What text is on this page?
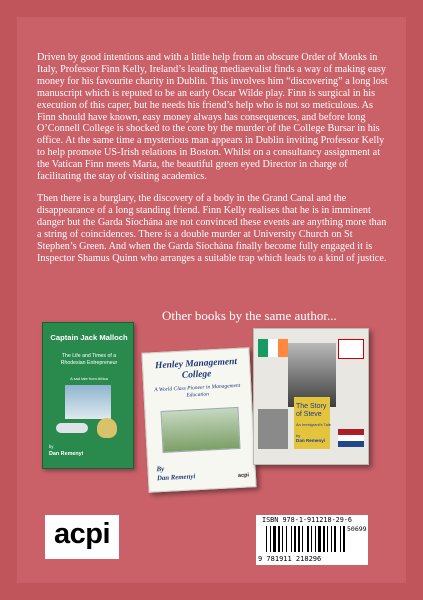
Driven by good intentions and with a little help from an obscure Order of Monks in Italy, Professor Finn Kelly, Ireland’s leading mediaevalist finds a way of making easy money for his favourite charity in Dublin. This involves him “discovering” a long lost manuscript which is reputed to be an early Oscar Wilde play. Finn is surgical in his execution of this caper, but he needs his friend’s help who is not so meticulous. As Finn should have known, easy money always has consequences, and before long O’Connell College is shocked to the core by the murder of the College Bursar in his office. At the same time a mysterious man appears in Dublin inviting Professor Kelly to help promote US-Irish relations in Boston. Whilst on a consultancy assignment at the Vatican Finn meets Maria, the beautiful green eyed Director in charge of facilitating the stay of visiting academics.

Then there is a burglary, the discovery of a body in the Grand Canal and the disappearance of a long standing friend. Finn Kelly realises that he is in imminent danger but the Garda Síochána are not convinced these events are anything more than a string of coincidences. There is a double murder at University Church on St Stephen’s Green. And when the Garda Síochána finally become fully engaged it is Inspector Shamus Quinn who arranges a suitable trap which leads to a kind of justice.

Other books by the same author...
Captain Jack Malloch
The Life and Times of a Rhodesian Entrepreneur
A sad tale from Africa
by
Dan Remenyi
Henley Management College
A World Class Pioneer in Management Education
By
Dan Remenyi	acpi
The Story of Steve
An Immigrant's Tale
by
Dan Remenyi
acpi	ISBN 978-1-911218-29-6
50699
9 781911 218296
